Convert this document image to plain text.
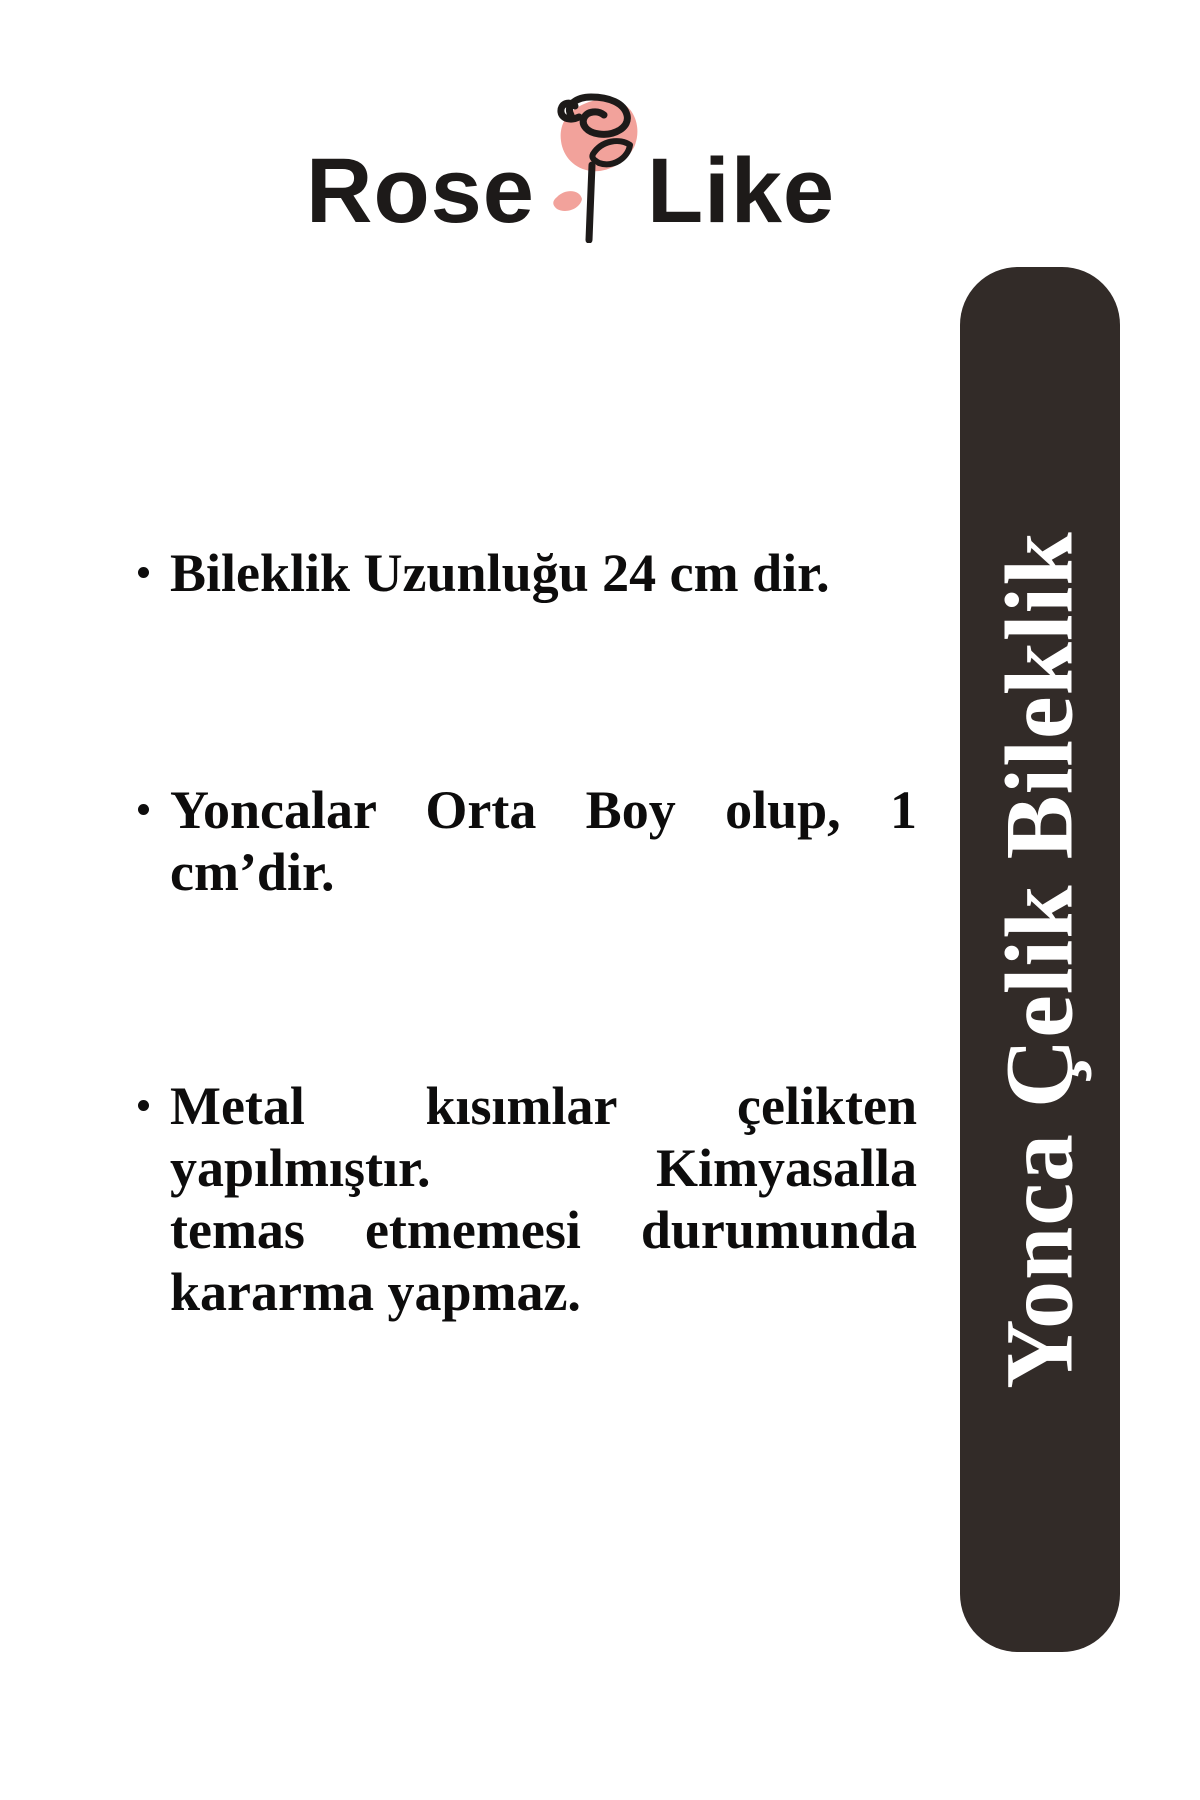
Rose Like
Bileklik Uzunluğu 24 cm dir.
Yoncalar Orta Boy olup, 1
cm’dir.
Metal kısımlar çelikten
yapılmıştır. Kimyasalla
temas etmemesi durumunda
kararma yapmaz.	Yonca Çelik Bileklik
